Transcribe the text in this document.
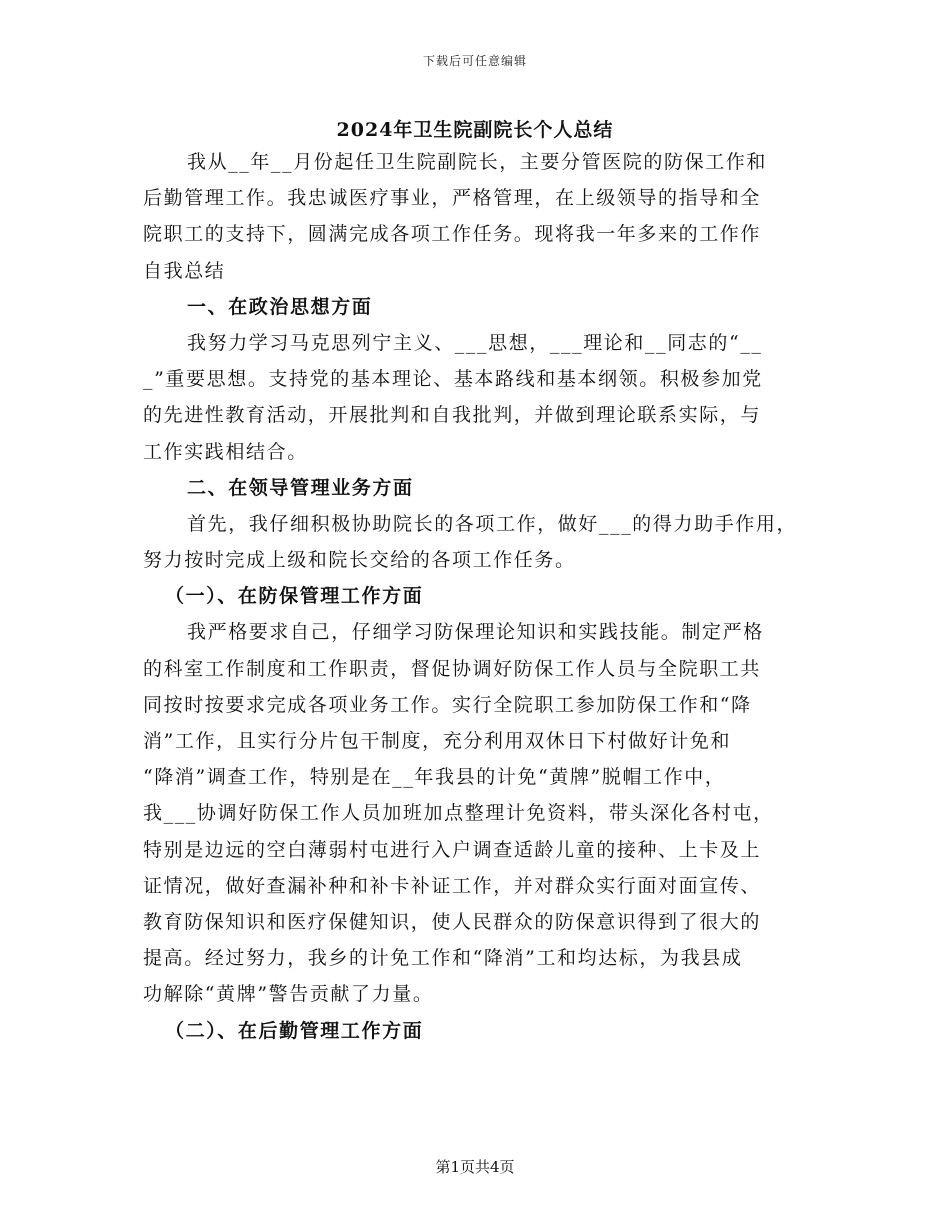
下载后可任意编辑
2024年卫生院副院长个人总结
我从__年__月份起任卫生院副院长，主要分管医院的防保工作和
后勤管理工作。我忠诚医疗事业，严格管理，在上级领导的指导和全
院职工的支持下，圆满完成各项工作任务。现将我一年多来的工作作
自我总结
一、在政治思想方面
我努力学习马克思列宁主义、___思想，___理论和__同志的“__
_”重要思想。支持党的基本理论、基本路线和基本纲领。积极参加党
的先进性教育活动，开展批判和自我批判，并做到理论联系实际，与
工作实践相结合。
二、在领导管理业务方面
首先，我仔细积极协助院长的各项工作，做好___的得力助手作用，
努力按时完成上级和院长交给的各项工作任务。
（一）、在防保管理工作方面
我严格要求自己，仔细学习防保理论知识和实践技能。制定严格
的科室工作制度和工作职责，督促协调好防保工作人员与全院职工共
同按时按要求完成各项业务工作。实行全院职工参加防保工作和“降
消”工作，且实行分片包干制度，充分利用双休日下村做好计免和
“降消”调查工作，特别是在__年我县的计免“黄牌”脱帽工作中，
我___协调好防保工作人员加班加点整理计免资料，带头深化各村屯，
特别是边远的空白薄弱村屯进行入户调查适龄儿童的接种、上卡及上
证情况，做好查漏补种和补卡补证工作，并对群众实行面对面宣传、
教育防保知识和医疗保健知识，使人民群众的防保意识得到了很大的
提高。经过努力，我乡的计免工作和“降消”工和均达标，为我县成
功解除“黄牌”警告贡献了力量。
（二）、在后勤管理工作方面
第1页共4页
